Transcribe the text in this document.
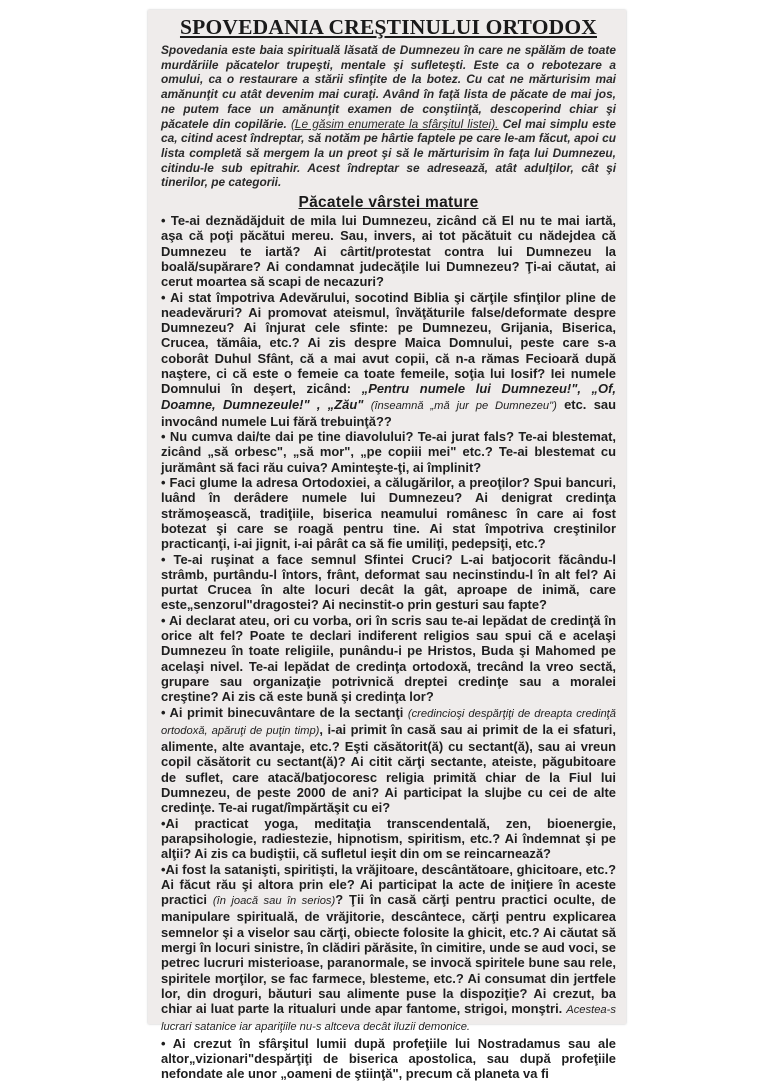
SPOVEDANIA CREŞTINULUI ORTODOX

Spovedania este baia spirituală lăsată de Dumnezeu în care ne spălăm de toate murdăriile păcatelor trupeşti, mentale şi sufleteşti. Este ca o rebotezare a omului, ca o restaurare a stării sfinţite de la botez. Cu cat ne mărturisim mai amănunţit cu atât devenim mai curaţi. Având în faţă lista de păcate de mai jos, ne putem face un amănunţit examen de conştiinţă, descoperind chiar şi păcatele din copilărie. (Le găsim enumerate la sfârşitul listei). Cel mai simplu este ca, citind acest îndreptar, să notăm pe hârtie faptele pe care le-am făcut, apoi cu lista completă să mergem la un preot şi să le mărturisim în faţa lui Dumnezeu, citindu-le sub epitrahir. Acest îndreptar se adresează, atât adulţilor, cât şi tinerilor, pe categorii.

Păcatele vârstei mature

• Te-ai deznădăjduit de mila lui Dumnezeu, zicând că El nu te mai iartă, aşa că poţi păcătui mereu. Sau, invers, ai tot păcătuit cu nădejdea că Dumnezeu te iartă? Ai cârtit/protestat contra lui Dumnezeu la boală/supărare? Ai condamnat judecăţile lui Dumnezeu? Ţi-ai căutat, ai cerut moartea să scapi de necazuri?

• Ai stat împotriva Adevărului, socotind Biblia şi cărţile sfinţilor pline de neadevăruri? Ai promovat ateismul, învăţăturile false/deformate despre Dumnezeu? Ai înjurat cele sfinte: pe Dumnezeu, Grijania, Biserica, Crucea, tămâia, etc.? Ai zis despre Maica Domnului, peste care s-a coborât Duhul Sfânt, că a mai avut copii, că n-a rămas Fecioară după naştere, ci că este o femeie ca toate femeile, soţia lui Iosif? Iei numele Domnului în deşert, zicând: „Pentru numele lui Dumnezeu!", „Of, Doamne, Dumnezeule!" , „Zău" (înseamnă „mă jur pe Dumnezeu") etc. sau invocând numele Lui fără trebuinţă??

• Nu cumva dai/te dai pe tine diavolului? Te-ai jurat fals? Te-ai blestemat, zicând „să orbesc", „să mor", „pe copiii mei" etc.? Te-ai blestemat cu jurământ să faci rău cuiva? Aminteşte-ţi, ai împlinit?

• Faci glume la adresa Ortodoxiei, a călugărilor, a preoţilor? Spui bancuri, luând în derâdere numele lui Dumnezeu? Ai denigrat credinţa strămoşească, tradiţiile, biserica neamului românesc în care ai fost botezat şi care se roagă pentru tine. Ai stat împotriva creştinilor practicanţi, i-ai jignit, i-ai pârât ca să fie umiliţi, pedepsiţi, etc.?

• Te-ai ruşinat a face semnul Sfintei Cruci? L-ai batjocorit făcându-l strâmb, purtându-l întors, frânt, deformat sau necinstindu-l în alt fel? Ai purtat Crucea în alte locuri decât la gât, aproape de inimă, care este„senzorul"dragostei? Ai necinstit-o prin gesturi sau fapte?

• Ai declarat ateu, ori cu vorba, ori în scris sau te-ai lepădat de credinţă în orice alt fel? Poate te declari indiferent religios sau spui că e acelaşi Dumnezeu în toate religiile, punându-i pe Hristos, Buda şi Mahomed pe acelaşi nivel. Te-ai lepădat de credinţa ortodoxă, trecând la vreo sectă, grupare sau organizaţie potrivnică dreptei credinţe sau a moralei creştine? Ai zis că este bună şi credinţa lor?

• Ai primit binecuvântare de la sectanţi (credincioşi despărţiţi de dreapta credinţă ortodoxă, apăruţi de puţin timp), i-ai primit în casă sau ai primit de la ei sfaturi, alimente, alte avantaje, etc.? Eşti căsătorit(ă) cu sectant(ă), sau ai vreun copil căsătorit cu sectant(ă)? Ai citit cărţi sectante, ateiste, păgubitoare de suflet, care atacă/batjocoresc religia primită chiar de la Fiul lui Dumnezeu, de peste 2000 de ani? Ai participat la slujbe cu cei de alte credinţe. Te-ai rugat/împărtăşit cu ei?

•Ai practicat yoga, meditaţia transcendentală, zen, bioenergie, parapsihologie, radiestezie, hipnotism, spiritism, etc.? Ai îndemnat şi pe alţii? Ai zis ca budiştii, că sufletul ieşit din om se reincarnează?

•Ai fost la satanişti, spiritişti, la vrăjitoare, descântătoare, ghicitoare, etc.? Ai făcut rău şi altora prin ele? Ai participat la acte de iniţiere în aceste practici (în joacă sau în serios)? Ţii în casă cărţi pentru practici oculte, de manipulare spirituală, de vrăjitorie, descântece, cărţi pentru explicarea semnelor şi a viselor sau cărţi, obiecte folosite la ghicit, etc.? Ai căutat să mergi în locuri sinistre, în clădiri părăsite, în cimitire, unde se aud voci, se petrec lucruri misterioase, paranormale, se invocă spiritele bune sau rele, spiritele morţilor, se fac farmece, blesteme, etc.? Ai consumat din jertfele lor, din droguri, băuturi sau alimente puse la dispoziţie? Ai crezut, ba chiar ai luat parte la ritualuri unde apar fantome, strigoi, monştri. Acestea-s lucrari satanice iar apariţiile nu-s altceva decât iluzii demonice.

• Ai crezut în sfârşitul lumii după profeţiile lui Nostradamus sau ale altor„vizionari"despărţiţi de biserica apostolica, sau după profeţiile nefondate ale unor „oameni de ştiinţă", precum că planeta va fi
